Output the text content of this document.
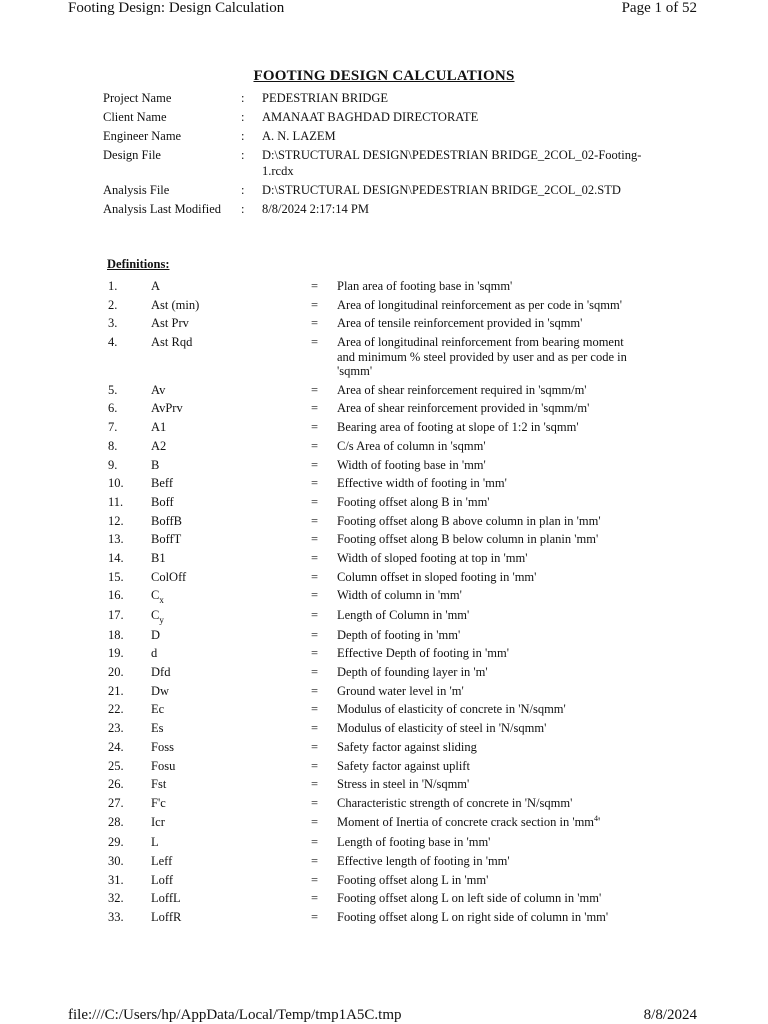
Footing Design: Design Calculation	Page 1 of 52
FOOTING DESIGN CALCULATIONS
Project Name	:	PEDESTRIAN BRIDGE
Client Name	:	AMANAAT BAGHDAD DIRECTORATE
Engineer Name	:	A. N. LAZEM
Design File	:	D:\STRUCTURAL DESIGN\PEDESTRIAN BRIDGE_2COL_02-Footing-1.rcdx
Analysis File	:	D:\STRUCTURAL DESIGN\PEDESTRIAN BRIDGE_2COL_02.STD
Analysis Last Modified	:	8/8/2024 2:17:14 PM
Definitions:
1.	A	=	Plan area of footing base in 'sqmm'
2.	Ast (min)	=	Area of longitudinal reinforcement as per code in 'sqmm'
3.	Ast Prv	=	Area of tensile reinforcement provided in 'sqmm'
4.	Ast Rqd	=	Area of longitudinal reinforcement from bearing moment and minimum % steel provided by user and as per code in 'sqmm'
5.	Av	=	Area of shear reinforcement required in 'sqmm/m'
6.	AvPrv	=	Area of shear reinforcement provided in 'sqmm/m'
7.	A1	=	Bearing area of footing at slope of 1:2 in 'sqmm'
8.	A2	=	C/s Area of column in 'sqmm'
9.	B	=	Width of footing base in 'mm'
10.	Beff	=	Effective width of footing in 'mm'
11.	Boff	=	Footing offset along B in 'mm'
12.	BoffB	=	Footing offset along B above column in plan in 'mm'
13.	BoffT	=	Footing offset along B below column in planin 'mm'
14.	B1	=	Width of sloped footing at top in 'mm'
15.	ColOff	=	Column offset in sloped footing in 'mm'
16.	$C_x$	=	Width of column in 'mm'
17.	$C_y$	=	Length of Column in 'mm'
18.	D	=	Depth of footing in 'mm'
19.	d	=	Effective Depth of footing in 'mm'
20.	Dfd	=	Depth of founding layer in 'm'
21.	Dw	=	Ground water level in 'm'
22.	Ec	=	Modulus of elasticity of concrete in 'N/sqmm'
23.	Es	=	Modulus of elasticity of steel in 'N/sqmm'
24.	Foss	=	Safety factor against sliding
25.	Fosu	=	Safety factor against uplift
26.	Fst	=	Stress in steel in 'N/sqmm'
27.	F'c	=	Characteristic strength of concrete in 'N/sqmm'
28.	Icr	=	Moment of Inertia of concrete crack section in '$mm^4$'
29.	L	=	Length of footing base in 'mm'
30.	Leff	=	Effective length of footing in 'mm'
31.	Loff	=	Footing offset along L in 'mm'
32.	LoffL	=	Footing offset along L on left side of column in 'mm'
33.	LoffR	=	Footing offset along L on right side of column in 'mm'
file:///C:/Users/hp/AppData/Local/Temp/tmp1A5C.tmp	8/8/2024
